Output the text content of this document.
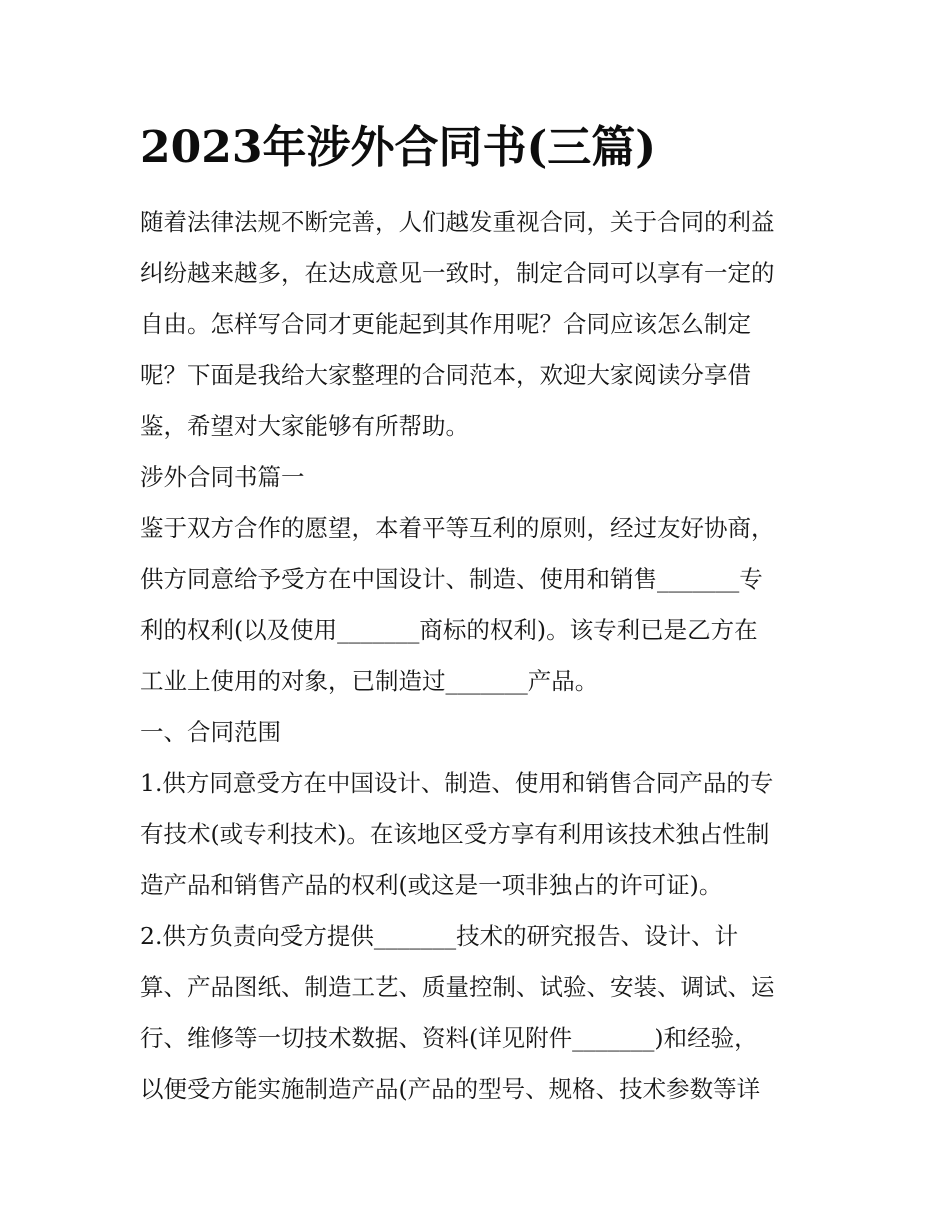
2023年涉外合同书(三篇)
随着法律法规不断完善，人们越发重视合同，关于合同的利益
纠纷越来越多，在达成意见一致时，制定合同可以享有一定的
自由。怎样写合同才更能起到其作用呢？合同应该怎么制定
呢？下面是我给大家整理的合同范本，欢迎大家阅读分享借
鉴，希望对大家能够有所帮助。
涉外合同书篇一
鉴于双方合作的愿望，本着平等互利的原则，经过友好协商，
供方同意给予受方在中国设计、制造、使用和销售_______专
利的权利(以及使用_______商标的权利)。该专利已是乙方在
工业上使用的对象，已制造过_______产品。
一、合同范围
1.供方同意受方在中国设计、制造、使用和销售合同产品的专
有技术(或专利技术)。在该地区受方享有利用该技术独占性制
造产品和销售产品的权利(或这是一项非独占的许可证)。
2.供方负责向受方提供_______技术的研究报告、设计、计
算、产品图纸、制造工艺、质量控制、试验、安装、调试、运
行、维修等一切技术数据、资料(详见附件_______)和经验，
以便受方能实施制造产品(产品的型号、规格、技术参数等详
